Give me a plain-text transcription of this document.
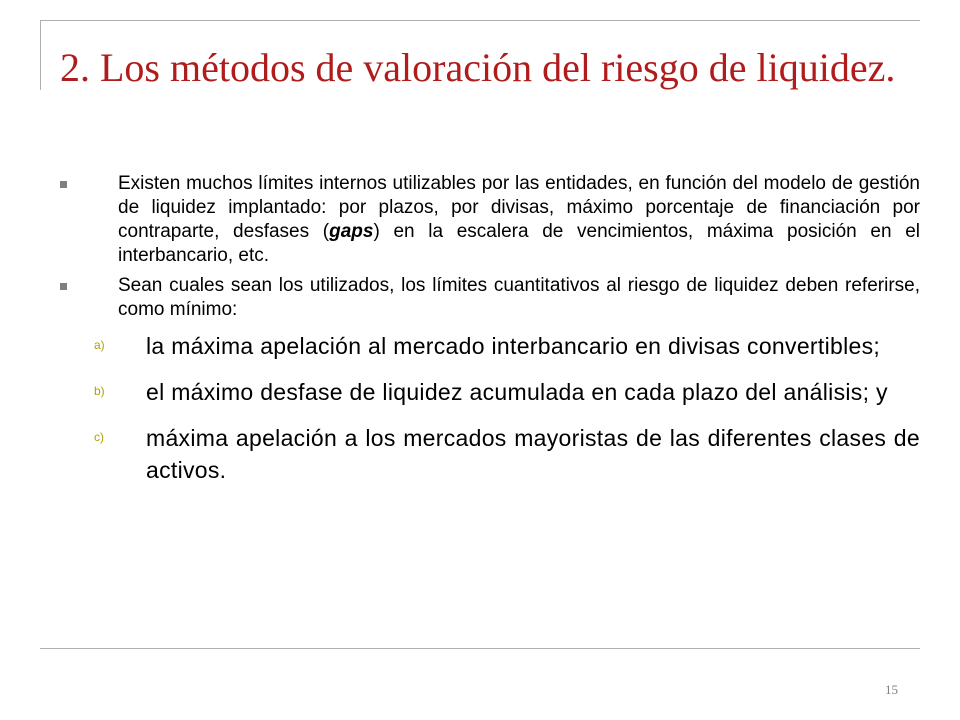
2. Los métodos de valoración del riesgo de liquidez.
Existen muchos límites internos utilizables por las entidades, en función del modelo de gestión de liquidez implantado: por plazos, por divisas, máximo porcentaje de financiación por contraparte, desfases (gaps) en la escalera de vencimientos, máxima posición en el interbancario, etc.
Sean cuales sean los utilizados, los límites cuantitativos al riesgo de liquidez deben referirse, como mínimo:
a) la máxima apelación al mercado interbancario en divisas convertibles;
b) el máximo desfase de liquidez acumulada en cada plazo del análisis; y
c) máxima apelación a los mercados mayoristas de las diferentes clases de activos.
15
